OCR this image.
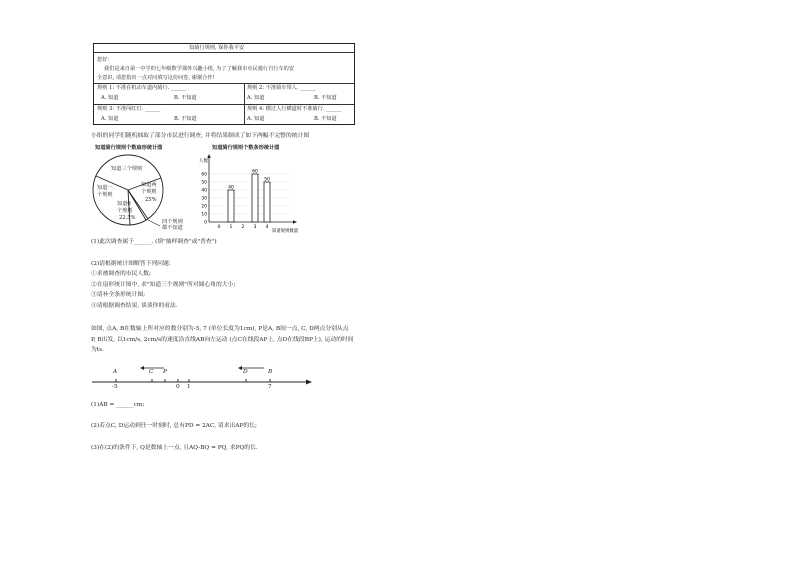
知骑行规则, 保你我平安
您好:
我们是来自第一中学的七年级数学课外兴趣小组, 为了了解我市市民骑行自行车的安
全意识, 请您指出一点对问填写这份问卷, 谢谢合作!
规则 1: 不准在机动车道内骑行. ______
A. 知道	B. 不知道
规则 2: 不准骑车带人. ______
A. 知道	B. 不知道
规则 3: 不准闯红灯. ______
A. 知道	B. 不知道
规则 4: 横过人行横道时不准骑行. ______
A. 知道	B. 不知道
小组的同学们随机抽取了部分市民进行调查, 并将结果制成了如下两幅不完整的统计图
知道骑行规则个数扇形统计图
知道三个规则
知道一
个规则
知道两
个规则
25%
知道0
个规则
22.5%
四个规则
都不知道
知道骑行规则个数条形统计图
人数
知道规则数量
0
10
20
30
40
50
60
0 1
40
2 3
60
4
50
(1)此次调查属于______. (填"抽样调查"或"普查")
(2)请根据统计图解答下列问题:
①求被调查的市民人数;
②在扇形统计图中, 求"知道三个规则"所对圆心角的大小;
③请补全条形统计图;
④请根据调查结果, 谈谈你的看法.
如图, 点A, B在数轴上所对应的数分别为-5, 7 (单位长度为1cm), P是A, B间一点, C, D两点分别从点
P, B出发, 以1cm/s, 2cm/s的速度沿直线AB向左运动 (点C在线段AP上, 点D在线段BP上), 运动的时间
为ts.
A	C P	D	B
-5	0 1	7
(1)AB = ______cm;
(2)若点C, D运动到任一时刻时, 总有PD = 2AC, 请求出AP的长;
(3)在(2)的条件下, Q是数轴上一点, 且AQ-BQ = PQ, 求PQ的长.
